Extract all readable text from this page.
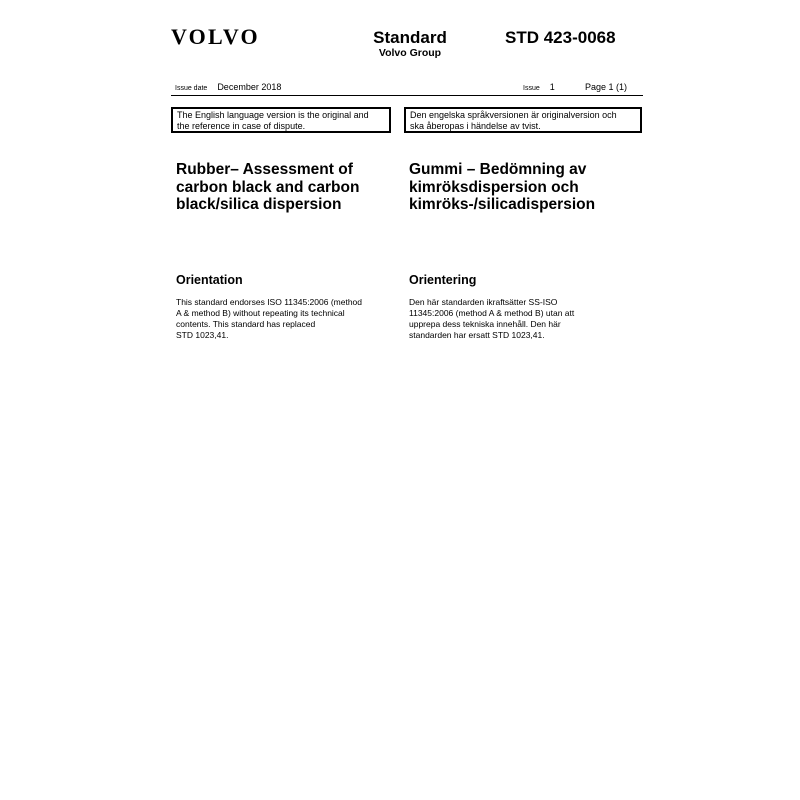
VOLVO	Standard
Volvo Group
STD 423-0068
Issue date December 2018	Issue 1	Page 1 (1)
The English language version is the original and
the reference in case of dispute.
Den engelska språkversionen är originalversion och
ska åberopas i händelse av tvist.
Rubber– Assessment of
carbon black and carbon
black/silica dispersion
Gummi – Bedömning av
kimröksdispersion och
kimröks-/silicadispersion
Orientation	Orientering
This standard endorses ISO 11345:2006 (method
A & method B) without repeating its technical
contents. This standard has replaced
STD 1023,41.
Den här standarden ikraftsätter SS-ISO
11345:2006 (method A & method B) utan att
upprepa dess tekniska innehåll. Den här
standarden har ersatt STD 1023,41.
